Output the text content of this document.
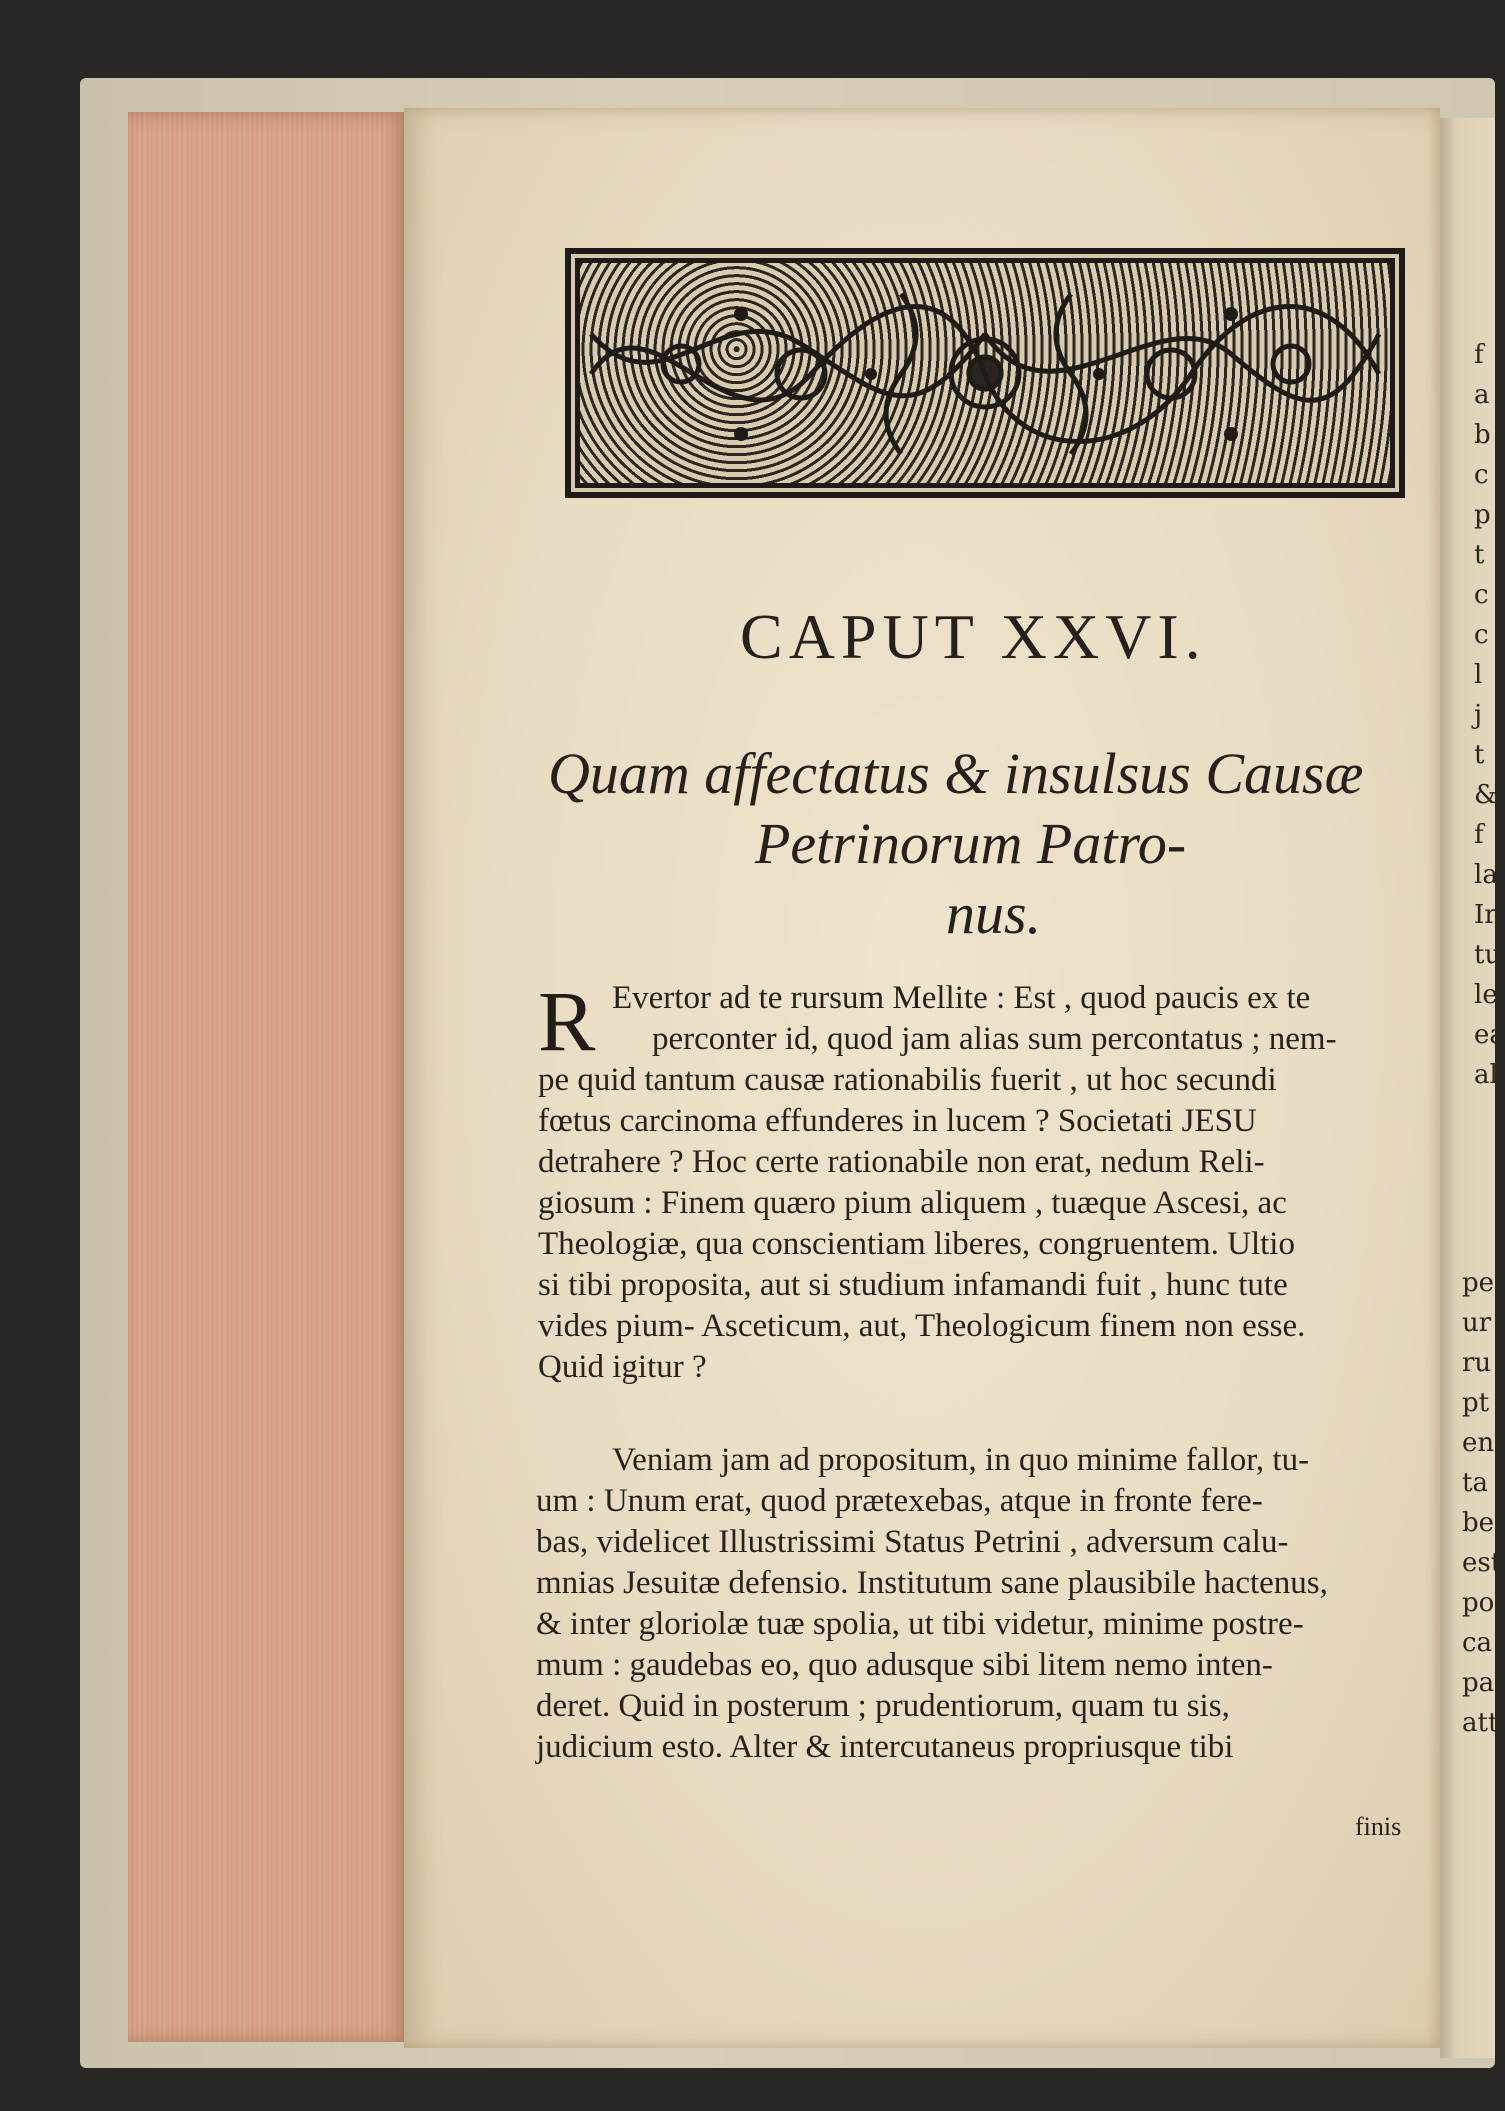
f
a
b
c
p
t
c
c
l
j
t
&
f
la
Ir
tu
le
ea
al
pe
ur
ru
pt
en
ta
be
est
po
ca
pa
att
CAPUT XXVI.
Quam affectatus & insulsus Causæ
Petrinorum Patro-
nus.
R Evertor ad te rursum Mellite : Est , quod paucis ex te
perconter id, quod jam alias sum percontatus ; nem-
pe quid tantum causæ rationabilis fuerit , ut hoc secundi
fœtus carcinoma effunderes in lucem ? Societati JESU
detrahere ? Hoc certe rationabile non erat, nedum Reli-
giosum : Finem quæro pium aliquem , tuæque Ascesi, ac
Theologiæ, qua conscientiam liberes, congruentem. Ultio
si tibi proposita, aut si studium infamandi fuit , hunc tute
vides pium- Asceticum, aut, Theologicum finem non esse.
Quid igitur ?
Veniam jam ad propositum, in quo minime fallor, tu-
um : Unum erat, quod prætexebas, atque in fronte fere-
bas, videlicet Illustrissimi Status Petrini , adversum calu-
mnias Jesuitæ defensio. Institutum sane plausibile hactenus,
& inter gloriolæ tuæ spolia, ut tibi videtur, minime postre-
mum : gaudebas eo, quo adusque sibi litem nemo inten-
deret. Quid in posterum ; prudentiorum, quam tu sis,
judicium esto. Alter & intercutaneus propriusque tibi
finis
